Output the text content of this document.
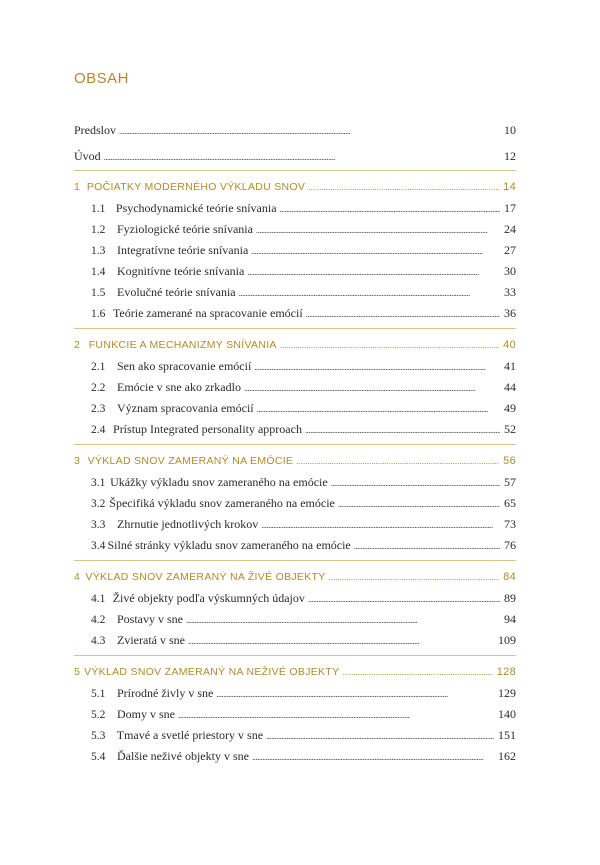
OBSAH
Predslov . . .	10
Úvod . . .	12
1 POČIATKY MODERNÉHO VÝKLADU SNOV . . .	14
1.1 Psychodynamické teórie snívania . . .	17
1.2 Fyziologické teórie snívania . . .	24
1.3 Integratívne teórie snívania . . .	27
1.4 Kognitívne teórie snívania . . .	30
1.5 Evolučné teórie snívania . . .	33
1.6 Teórie zamerané na spracovanie emócií . . .	36
2 FUNKCIE A MECHANIZMY SNÍVANIA . . .	40
2.1 Sen ako spracovanie emócií . . .	41
2.2 Emócie v sne ako zrkadlo . . .	44
2.3 Význam spracovania emócií . . .	49
2.4 Prístup Integrated personality approach . . .	52
3 VÝKLAD SNOV ZAMERANÝ NA EMÓCIE . . .	56
3.1 Ukážky výkladu snov zameraného na emócie . . .	57
3.2 Špecifiká výkladu snov zameraného na emócie . . .	65
3.3 Zhrnutie jednotlivých krokov . . .	73
3.4 Silné stránky výkladu snov zameraného na emócie . . .	76
4 VÝKLAD SNOV ZAMERANÝ NA ŽIVÉ OBJEKTY . . .	84
4.1 Živé objekty podľa výskumných údajov . . .	89
4.2 Postavy v sne . . .	94
4.3 Zvieratá v sne . . .	109
5 VÝKLAD SNOV ZAMERANÝ NA NEŽIVÉ OBJEKTY . . .	128
5.1 Prírodné živly v sne . . .	129
5.2 Domy v sne . . .	140
5.3 Tmavé a svetlé priestory v sne . . .	151
5.4 Ďalšie neživé objekty v sne . . .	162
